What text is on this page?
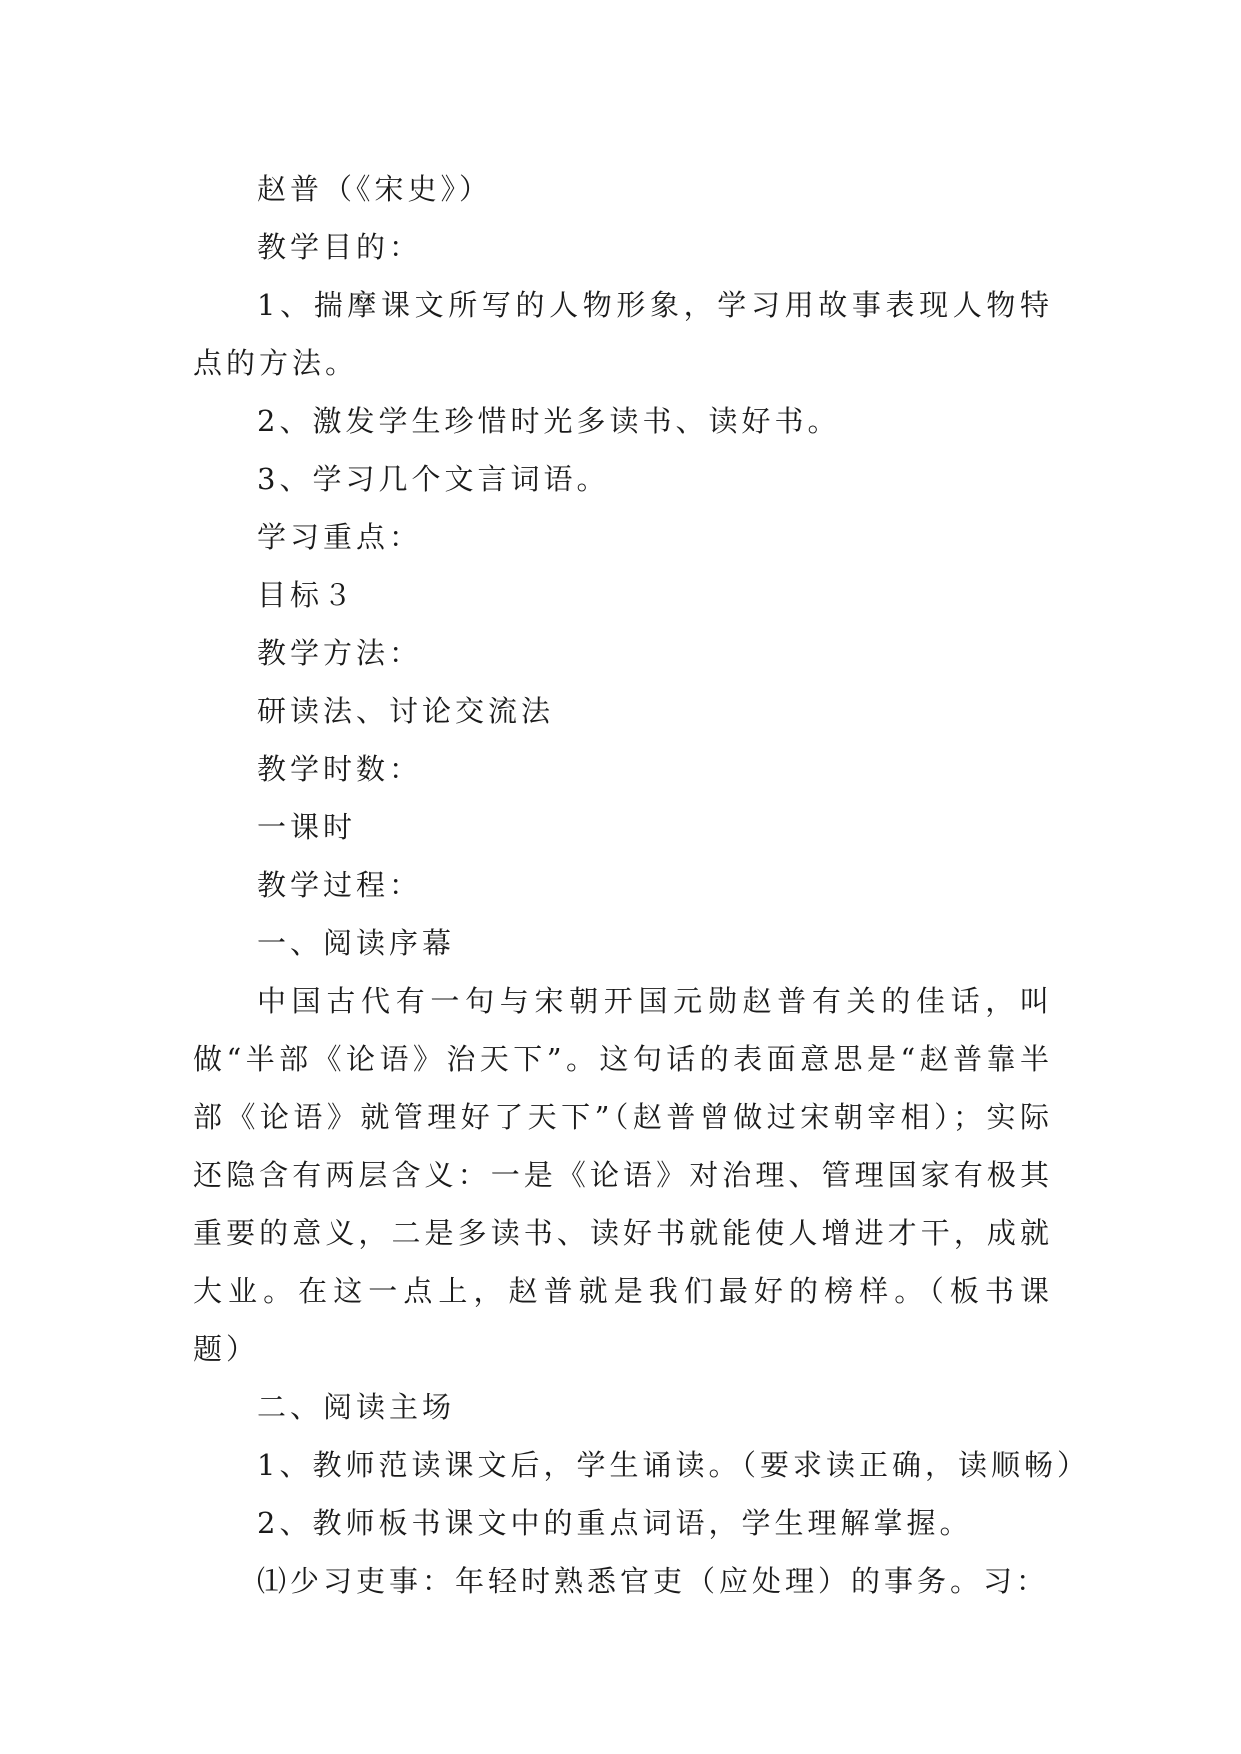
赵普（《宋史》）
教学目的：
1、揣摩课文所写的人物形象，学习用故事表现人物特点的方法。
2、激发学生珍惜时光多读书、读好书。
3、学习几个文言词语。
学习重点：
目标３
教学方法：
研读法、讨论交流法
教学时数：
一课时
教学过程：
一、阅读序幕
中国古代有一句与宋朝开国元勋赵普有关的佳话，叫做“半部《论语》治天下”。这句话的表面意思是“赵普靠半部《论语》就管理好了天下”（赵普曾做过宋朝宰相）；实际还隐含有两层含义：一是《论语》对治理、管理国家有极其重要的意义，二是多读书、读好书就能使人增进才干，成就大业。在这一点上，赵普就是我们最好的榜样。（板书课题）
二、阅读主场
1、教师范读课文后，学生诵读。（要求读正确，读顺畅）
2、教师板书课文中的重点词语，学生理解掌握。
⑴少习吏事：年轻时熟悉官吏（应处理）的事务。习：
